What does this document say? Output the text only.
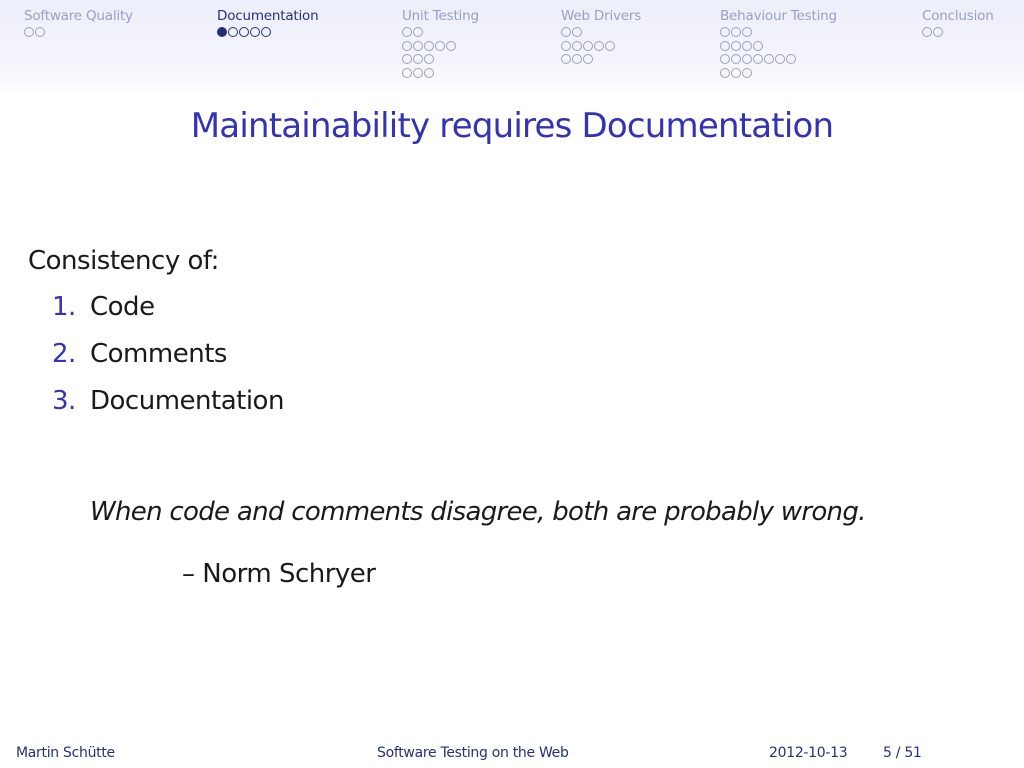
Software Quality	Documentation	Unit Testing	Web Drivers	Behaviour Testing	Conclusion
Maintainability requires Documentation
Consistency of:
1. Code
2. Comments
3. Documentation
When code and comments disagree, both are probably wrong.
– Norm Schryer
Martin Schütte	Software Testing on the Web	2012-10-13	5 / 51
